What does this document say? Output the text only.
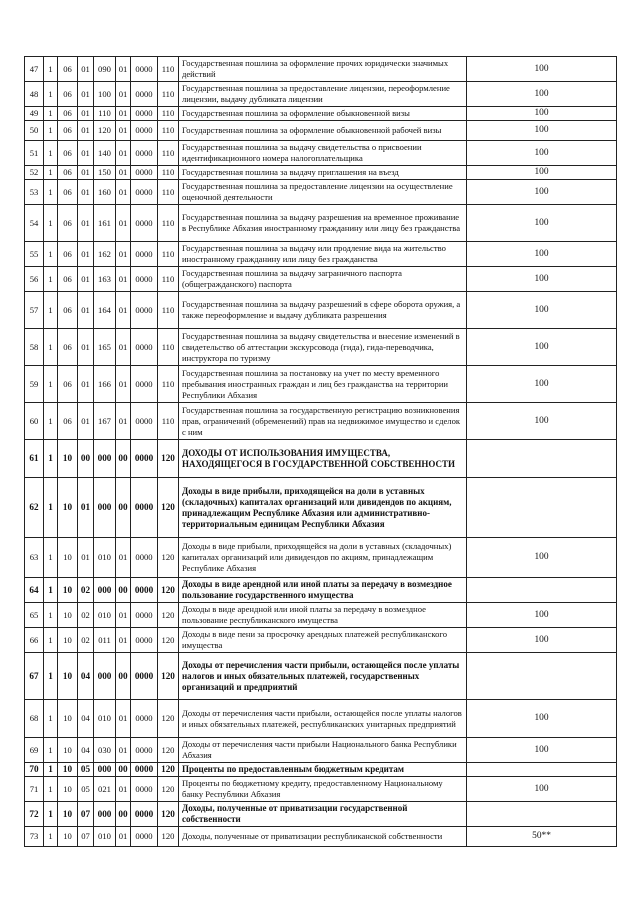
47	1	06	01	090	01	0000	110	Государственная пошлина за оформление прочих юридически значимых действий	100
48	1	06	01	100	01	0000	110	Государственная пошлина за предоставление лицензии, переоформление лицензии, выдачу дубликата лицензии	100
49	1	06	01	110	01	0000	110	Государственная пошлина за оформление обыкновенной визы	100
50	1	06	01	120	01	0000	110	Государственная пошлина за оформление обыкновенной рабочей визы	100
51	1	06	01	140	01	0000	110	Государственная пошлина за выдачу свидетельства о присвоении идентификационного номера налогоплательщика	100
52	1	06	01	150	01	0000	110	Государственная пошлина за выдачу приглашения на въезд	100
53	1	06	01	160	01	0000	110	Государственная пошлина за предоставление лицензии на осуществление оценочной деятельности	100
54	1	06	01	161	01	0000	110	Государственная пошлина за выдачу разрешения на временное проживание в Республике Абхазия иностранному гражданину или лицу без гражданства	100
55	1	06	01	162	01	0000	110	Государственная пошлина за выдачу или продление вида на жительство иностранному гражданину или лицу без гражданства	100
56	1	06	01	163	01	0000	110	Государственная пошлина за выдачу заграничного паспорта (общегражданского) паспорта	100
57	1	06	01	164	01	0000	110	Государственная пошлина за выдачу разрешений в сфере оборота оружия, а также переоформление и выдачу дубликата разрешения	100
58	1	06	01	165	01	0000	110	Государственная пошлина за выдачу свидетельства и внесение изменений в свидетельство об аттестации экскурсовода (гида), гида-переводчика, инструктора по туризму	100
59	1	06	01	166	01	0000	110	Государственная пошлина за постановку на учет по месту временного пребывания иностранных граждан и лиц без гражданства на территории Республики Абхазия	100
60	1	06	01	167	01	0000	110	Государственная пошлина за государственную регистрацию возникновения прав, ограничений (обременений) прав на недвижимое имущество и сделок с ним	100
61	1	10	00	000	00	0000	120	ДОХОДЫ ОТ ИСПОЛЬЗОВАНИЯ ИМУЩЕСТВА, НАХОДЯЩЕГОСЯ В ГОСУДАРСТВЕННОЙ СОБСТВЕННОСТИ	
62	1	10	01	000	00	0000	120	Доходы в виде прибыли, приходящейся на доли в уставных (складочных) капиталах организаций или дивидендов по акциям, принадлежащим Республике Абхазия или административно-территориальным единицам Республики Абхазия	
63	1	10	01	010	01	0000	120	Доходы в виде прибыли, приходящейся на доли в уставных (складочных) капиталах организаций или дивидендов по акциям, принадлежащим Республике Абхазия	100
64	1	10	02	000	00	0000	120	Доходы в виде арендной или иной платы за передачу в возмездное пользование государственного имущества	
65	1	10	02	010	01	0000	120	Доходы в виде арендной или иной платы за передачу в возмездное пользование республиканского имущества	100
66	1	10	02	011	01	0000	120	Доходы в виде пени за просрочку арендных платежей республиканского имущества	100
67	1	10	04	000	00	0000	120	Доходы от перечисления части прибыли, остающейся после уплаты налогов и иных обязательных платежей, государственных организаций и предприятий	
68	1	10	04	010	01	0000	120	Доходы от перечисления части прибыли, остающейся после уплаты налогов и иных обязательных платежей, республиканских унитарных предприятий	100
69	1	10	04	030	01	0000	120	Доходы от перечисления части прибыли Национального банка Республики Абхазия	100
70	1	10	05	000	00	0000	120	Проценты по предоставленным бюджетным кредитам	
71	1	10	05	021	01	0000	120	Проценты по бюджетному кредиту, предоставленному Национальному банку Республики Абхазия	100
72	1	10	07	000	00	0000	120	Доходы, полученные от приватизации государственной собственности	
73	1	10	07	010	01	0000	120	Доходы, полученные от приватизации республиканской собственности	50**
